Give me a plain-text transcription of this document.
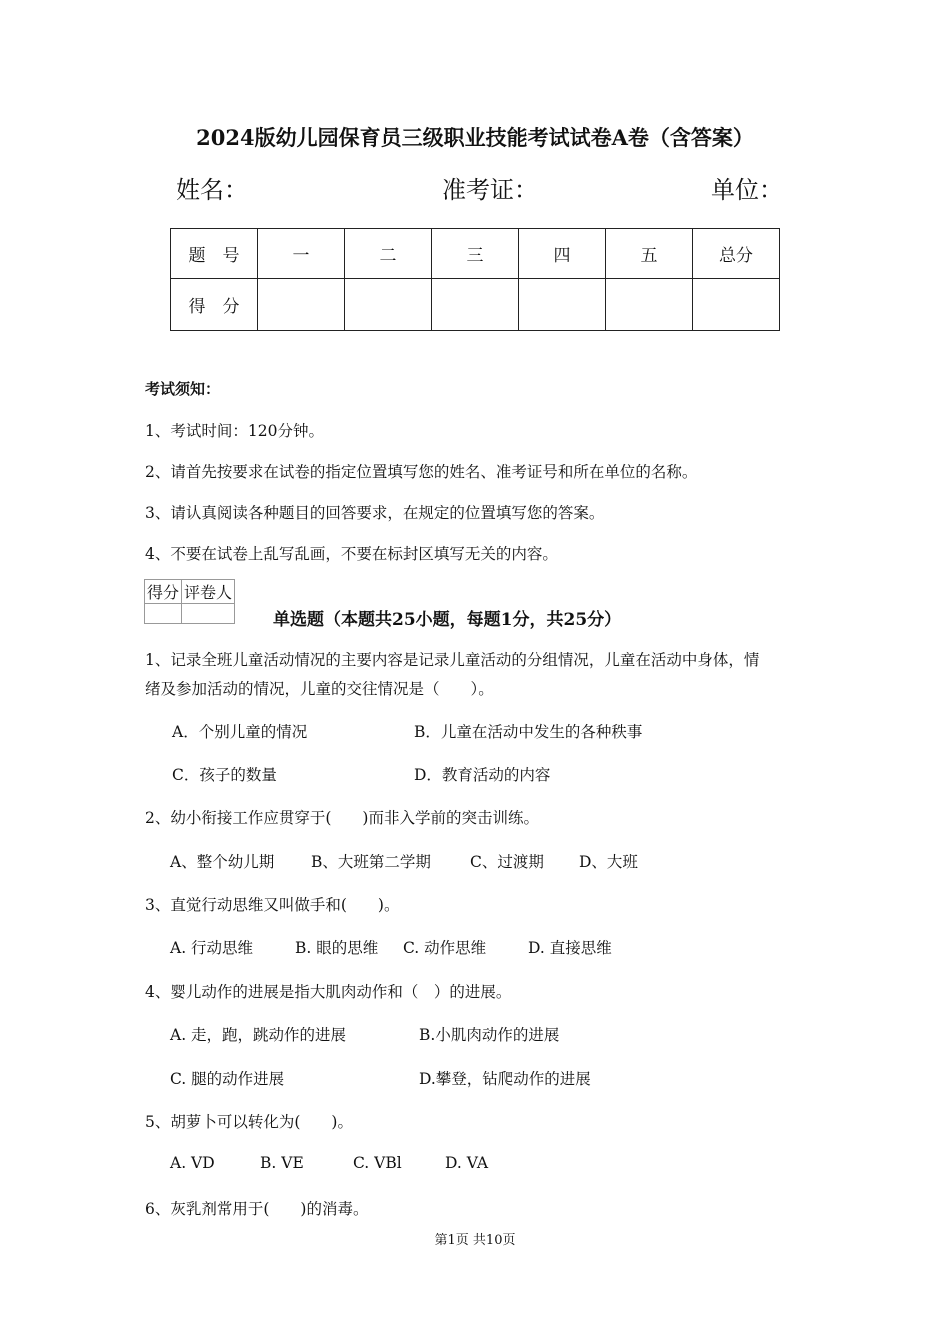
2024版幼儿园保育员三级职业技能考试试卷A卷（含答案）
姓名：	准考证：	单位：
题　号	一	二	三	四	五	总分
得　分						
考试须知：
1、考试时间：120分钟。
2、请首先按要求在试卷的指定位置填写您的姓名、准考证号和所在单位的名称。
3、请认真阅读各种题目的回答要求，在规定的位置填写您的答案。
4、不要在试卷上乱写乱画，不要在标封区填写无关的内容。
得分	评卷人

单选题（本题共25小题，每题1分，共25分）
1、记录全班儿童活动情况的主要内容是记录儿童活动的分组情况，儿童在活动中身体，情
绪及参加活动的情况，儿童的交往情况是（　　）。
A．个别儿童的情况	B．儿童在活动中发生的各种秩事
C．孩子的数量	D．教育活动的内容
2、幼小衔接工作应贯穿于(　　)而非入学前的突击训练。
A、整个幼儿期 B、大班第二学期	C、过渡期 D、大班
3、直觉行动思维又叫做手和(　　)。
A. 行动思维	B. 眼的思维 C. 动作思维	D. 直接思维
4、婴儿动作的进展是指大肌肉动作和（　）的进展。
A. 走，跑，跳动作的进展	B.小肌肉动作的进展
C. 腿的动作进展	D.攀登，钻爬动作的进展
5、胡萝卜可以转化为(　　)。
A. VD	B. VE	C. VBl	D. VA
6、灰乳剂常用于(　　)的消毒。
第1页 共10页
